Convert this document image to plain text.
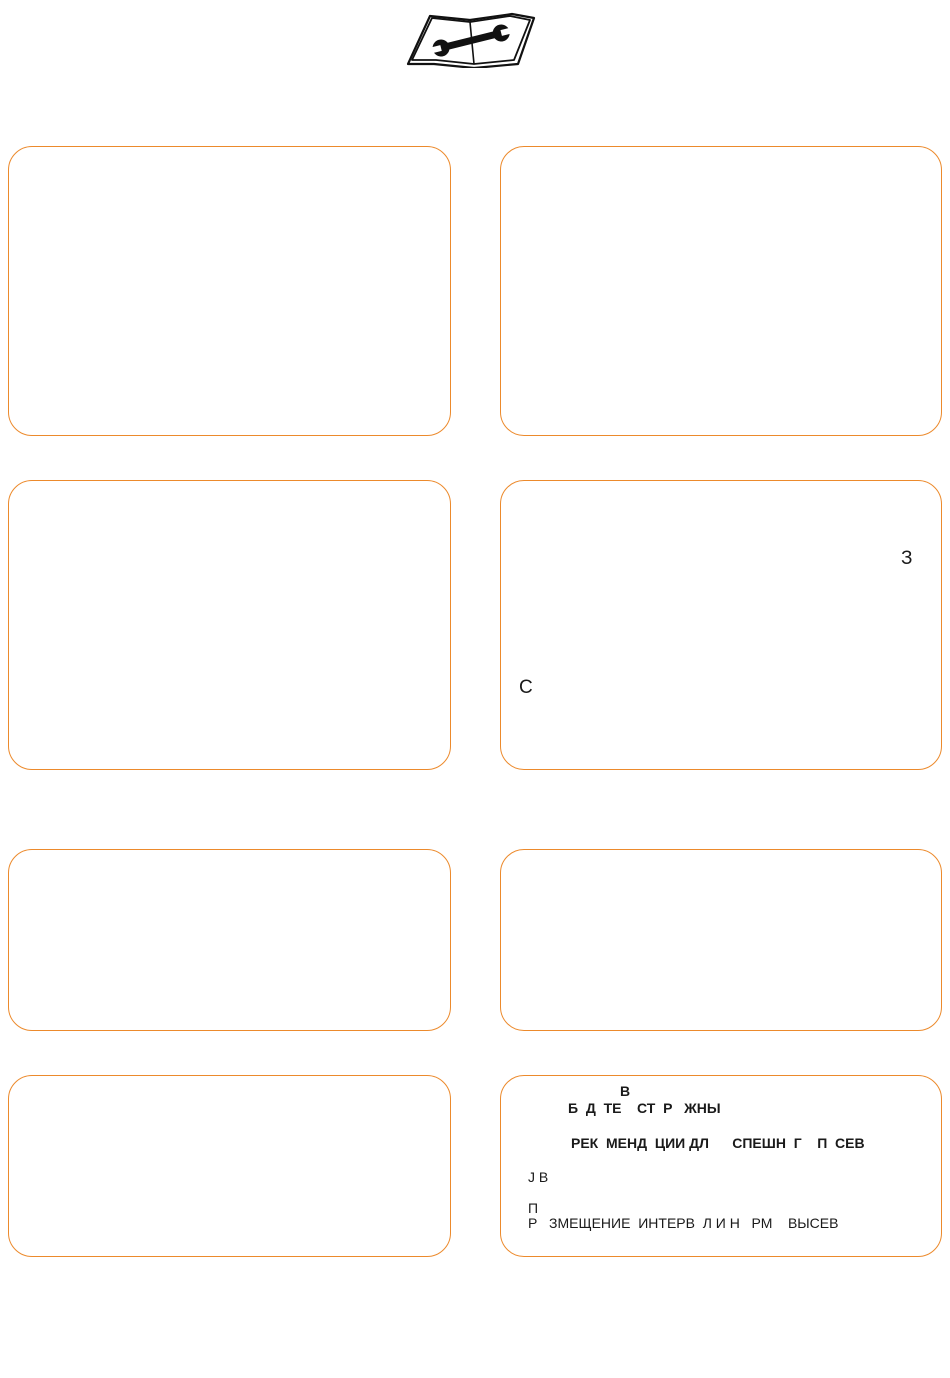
З
С
В
Б  Д  ТЕ    СТ  Р   ЖНЫ
РЕК  МЕНД  ЦИИ ДЛ      СПЕШН  Г    П  СЕВ
J В
П
Р   ЗМЕЩЕНИЕ  ИНТЕРВ  Л И Н   РМ    ВЫСЕВ
